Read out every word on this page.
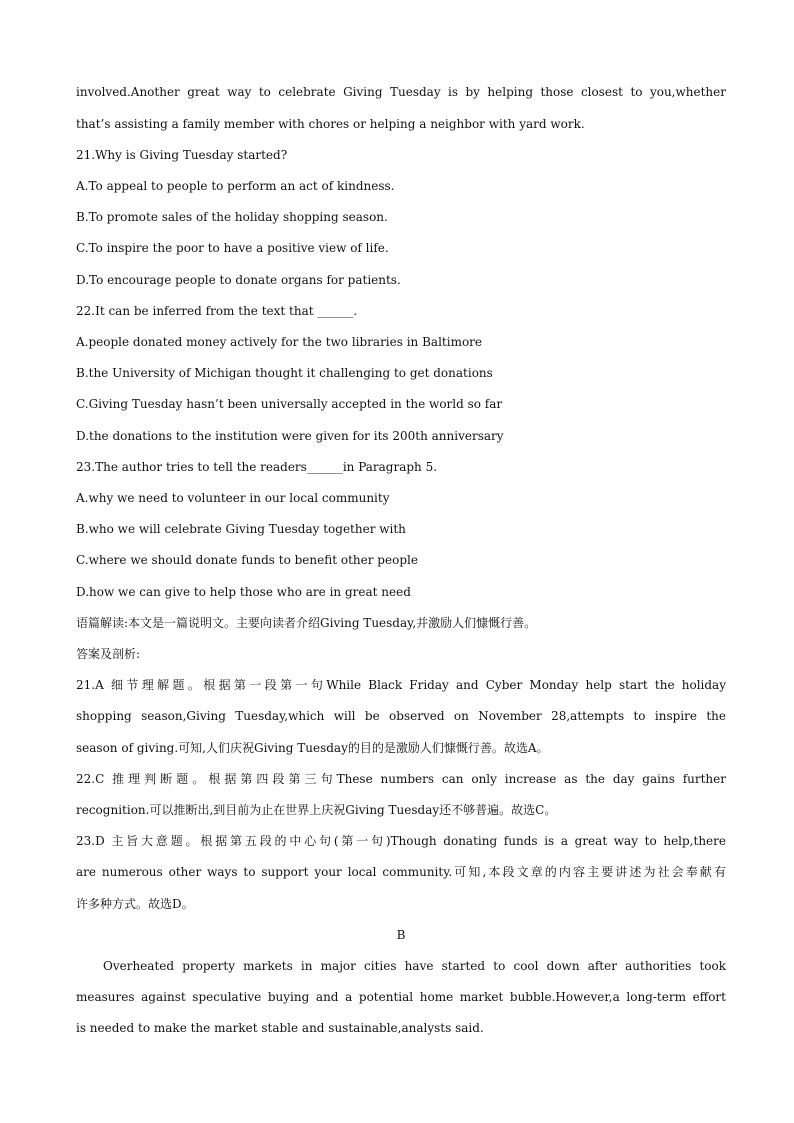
involved.Another great way to celebrate Giving Tuesday is by helping those closest to you,whether
that’s assisting a family member with chores or helping a neighbor with yard work.
21.Why is Giving Tuesday started?
A.To appeal to people to perform an act of kindness.
B.To promote sales of the holiday shopping season.
C.To inspire the poor to have a positive view of life.
D.To encourage people to donate organs for patients.
22.It can be inferred from the text that ______.
A.people donated money actively for the two libraries in Baltimore
B.the University of Michigan thought it challenging to get donations
C.Giving Tuesday hasn’t been universally accepted in the world so far
D.the donations to the institution were given for its 200th anniversary
23.The author tries to tell the readers______in Paragraph 5.
A.why we need to volunteer in our local community
B.who we will celebrate Giving Tuesday together with
C.where we should donate funds to benefit other people
D.how we can give to help those who are in great need
语篇解读:本文是一篇说明文。主要向读者介绍Giving Tuesday,并激励人们慷慨行善。
答案及剖析:
21.A 细节理解题。根据第一段第一句While Black Friday and Cyber Monday help start the holiday
shopping season,Giving Tuesday,which will be observed on November 28,attempts to inspire the
season of giving.可知,人们庆祝Giving Tuesday的目的是激励人们慷慨行善。故选A。
22.C 推理判断题。根据第四段第三句These numbers can only increase as the day gains further
recognition.可以推断出,到目前为止在世界上庆祝Giving Tuesday还不够普遍。故选C。
23.D 主旨大意题。根据第五段的中心句(第一句)Though donating funds is a great way to help,there
are numerous other ways to support your local community.可知,本段文章的内容主要讲述为社会奉献有
许多种方式。故选D。
B
Overheated property markets in major cities have started to cool down after authorities took
measures against speculative buying and a potential home market bubble.However,a long-term effort
is needed to make the market stable and sustainable,analysts said.
